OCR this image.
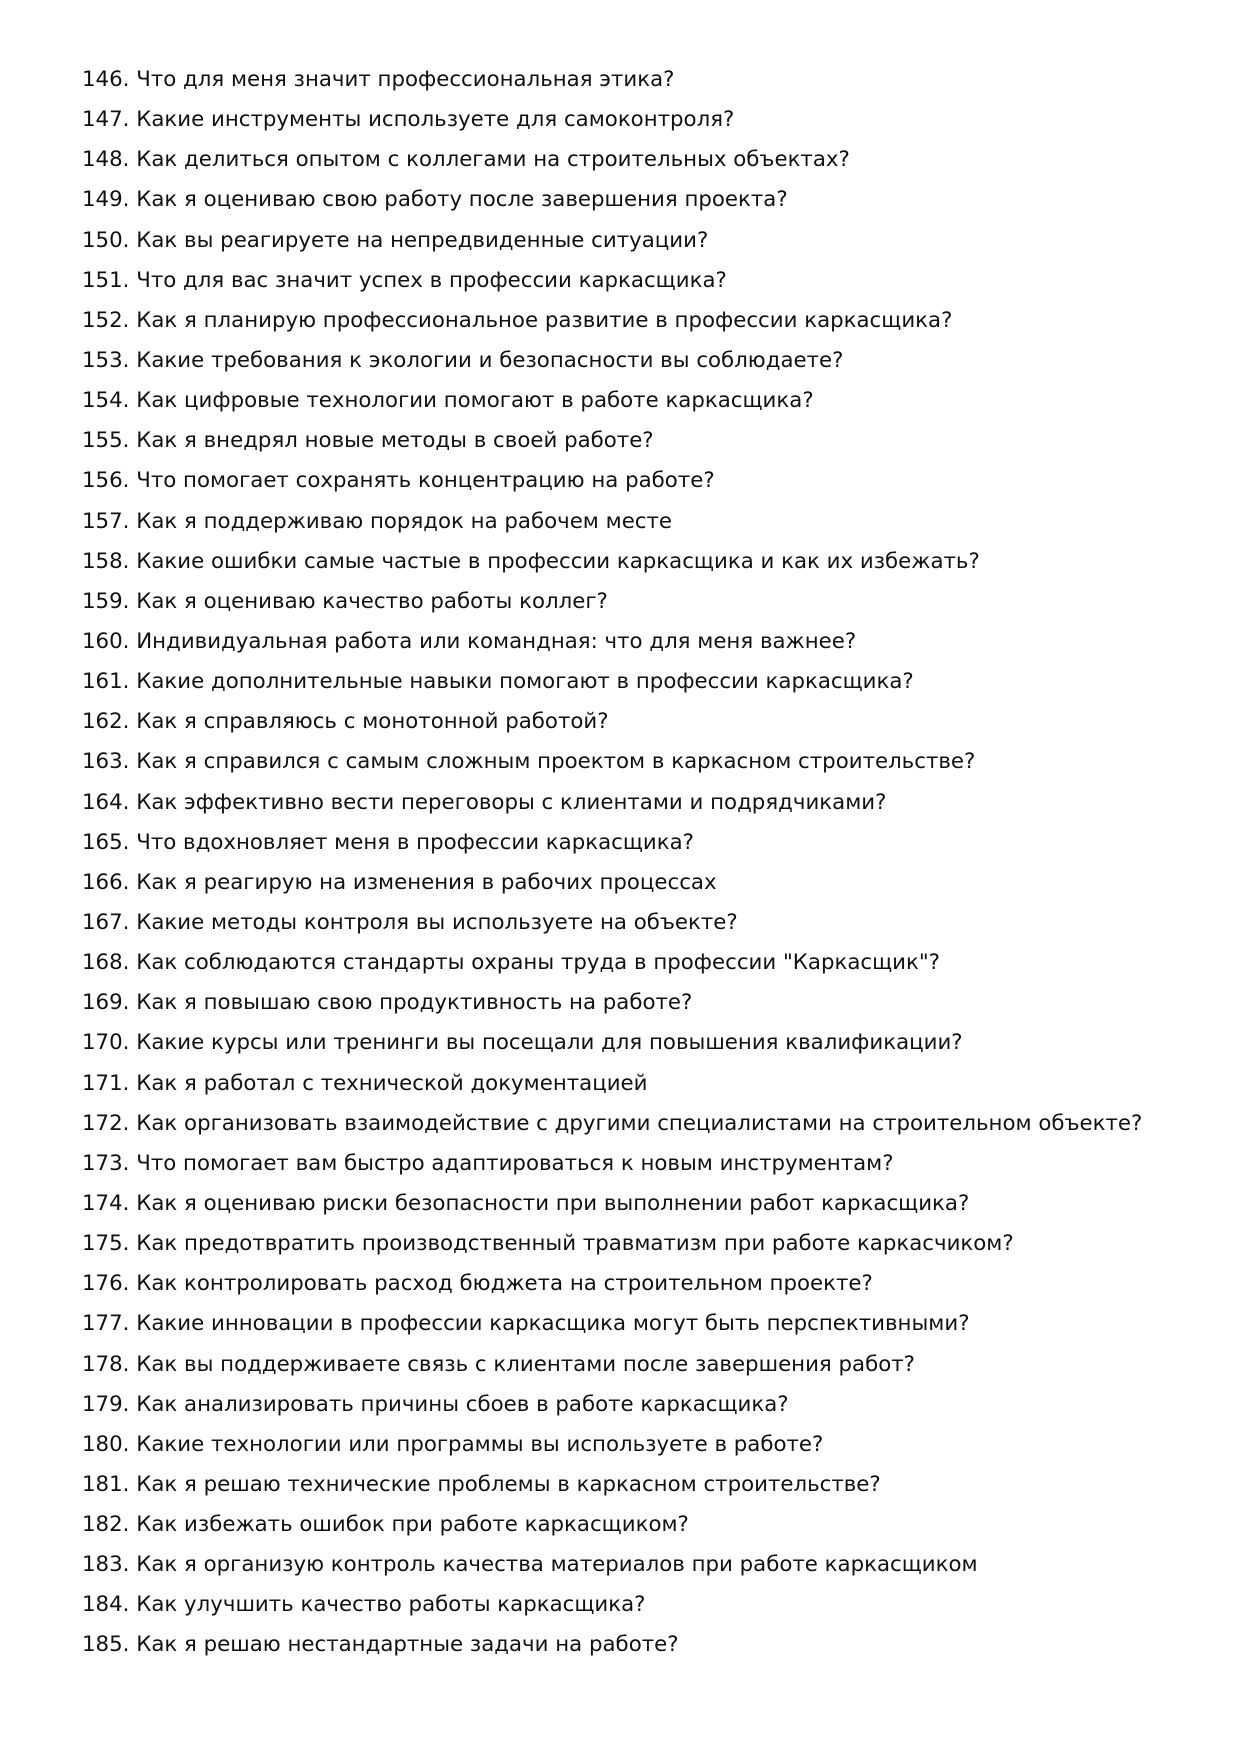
146. Что для меня значит профессиональная этика?
147. Какие инструменты используете для самоконтроля?
148. Как делиться опытом с коллегами на строительных объектах?
149. Как я оцениваю свою работу после завершения проекта?
150. Как вы реагируете на непредвиденные ситуации?
151. Что для вас значит успех в профессии каркасщика?
152. Как я планирую профессиональное развитие в профессии каркасщика?
153. Какие требования к экологии и безопасности вы соблюдаете?
154. Как цифровые технологии помогают в работе каркасщика?
155. Как я внедрял новые методы в своей работе?
156. Что помогает сохранять концентрацию на работе?
157. Как я поддерживаю порядок на рабочем месте
158. Какие ошибки самые частые в профессии каркасщика и как их избежать?
159. Как я оцениваю качество работы коллег?
160. Индивидуальная работа или командная: что для меня важнее?
161. Какие дополнительные навыки помогают в профессии каркасщика?
162. Как я справляюсь с монотонной работой?
163. Как я справился с самым сложным проектом в каркасном строительстве?
164. Как эффективно вести переговоры с клиентами и подрядчиками?
165. Что вдохновляет меня в профессии каркасщика?
166. Как я реагирую на изменения в рабочих процессах
167. Какие методы контроля вы используете на объекте?
168. Как соблюдаются стандарты охраны труда в профессии "Каркасщик"?
169. Как я повышаю свою продуктивность на работе?
170. Какие курсы или тренинги вы посещали для повышения квалификации?
171. Как я работал с технической документацией
172. Как организовать взаимодействие с другими специалистами на строительном объекте?
173. Что помогает вам быстро адаптироваться к новым инструментам?
174. Как я оцениваю риски безопасности при выполнении работ каркасщика?
175. Как предотвратить производственный травматизм при работе каркасчиком?
176. Как контролировать расход бюджета на строительном проекте?
177. Какие инновации в профессии каркасщика могут быть перспективными?
178. Как вы поддерживаете связь с клиентами после завершения работ?
179. Как анализировать причины сбоев в работе каркасщика?
180. Какие технологии или программы вы используете в работе?
181. Как я решаю технические проблемы в каркасном строительстве?
182. Как избежать ошибок при работе каркасщиком?
183. Как я организую контроль качества материалов при работе каркасщиком
184. Как улучшить качество работы каркасщика?
185. Как я решаю нестандартные задачи на работе?
